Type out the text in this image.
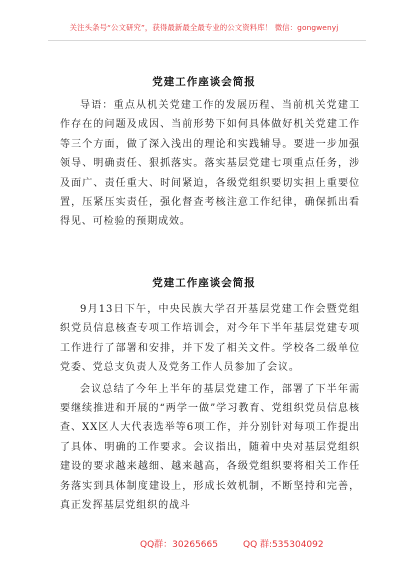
关注头条号“公文研究”，获得最新最全最专业的公文资料库！ 微信：gongwenyj
党建工作座谈会简报

导语：重点从机关党建工作的发展历程、当前机关党建工作存在的问题及成因、当前形势下如何具体做好机关党建工作等三个方面，做了深入浅出的理论和实践辅导。要进一步加强领导、明确责任、狠抓落实。落实基层党建七项重点任务，涉及面广、责任重大、时间紧迫，各级党组织要切实担上重要位置，压紧压实责任，强化督查考核注意工作纪律，确保抓出看得见、可检验的预期成效。

党建工作座谈会简报

9月13日下午，中央民族大学召开基层党建工作会暨党组织党员信息核查专项工作培训会，对今年下半年基层党建专项工作进行了部署和安排，并下发了相关文件。学校各二级单位党委、党总支负责人及党务工作人员参加了会议。

会议总结了今年上半年的基层党建工作，部署了下半年需要继续推进和开展的“两学一做”学习教育、党组织党员信息核查、XX区人大代表选举等6项工作，并分别针对每项工作提出了具体、明确的工作要求。会议指出，随着中央对基层党组织建设的要求越来越细、越来越高，各级党组织要将相关工作任务落实到具体制度建设上，形成长效机制，不断坚持和完善，真正发挥基层党组织的战斗

QQ群：30265665	QQ 群:535304092
